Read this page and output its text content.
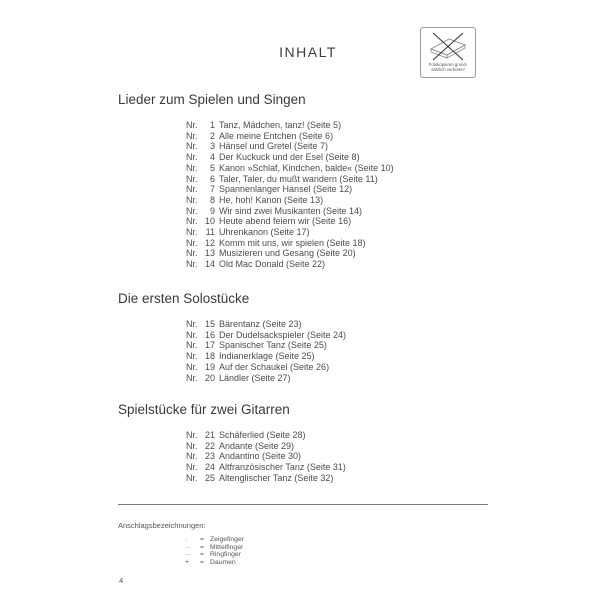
INHALT
Fotokopieren grund-
sätzlich verboten!
Lieder zum Spielen und Singen
Nr.	1 Tanz, Mädchen, tanz! (Seite 5)
Nr.	2 Alle meine Entchen (Seite 6)
Nr.	3 Hänsel und Gretel (Seite 7)
Nr.	4 Der Kuckuck und der Esel (Seite 8)
Nr.	5 Kanon »Schlaf, Kindchen, balde« (Seite 10)
Nr.	6 Taler, Taler, du mußt wandern (Seite 11)
Nr.	7 Spannenlanger Hansel (Seite 12)
Nr.	8 He, hoh! Kanon (Seite 13)
Nr.	9 Wir sind zwei Musikanten (Seite 14)
Nr. 10 Heute abend feiern wir (Seite 16)
Nr. 11 Uhrenkanon (Seite 17)
Nr. 12 Komm mit uns, wir spielen (Seite 18)
Nr. 13 Musizieren und Gesang (Seite 20)
Nr. 14 Old Mac Donald (Seite 22)
Die ersten Solostücke
Nr. 15 Bärentanz (Seite 23)
Nr. 16 Der Dudelsackspieler (Seite 24)
Nr. 17 Spanischer Tanz (Seite 25)
Nr. 18 Indianerklage (Seite 25)
Nr. 19 Auf der Schaukel (Seite 26)
Nr. 20 Ländler (Seite 27)
Spielstücke für zwei Gitarren
Nr. 21 Schäferlied (Seite 28)
Nr. 22 Andante (Seite 29)
Nr. 23 Andantino (Seite 30)
Nr. 24 Altfranzösischer Tanz (Seite 31)
Nr. 25 Altenglischer Tanz (Seite 32)
Anschlagsbezeichnungen:
·	= Zeigefinger
··	= Mittelfinger
···	= Ringfinger
+	= Daumen
4
